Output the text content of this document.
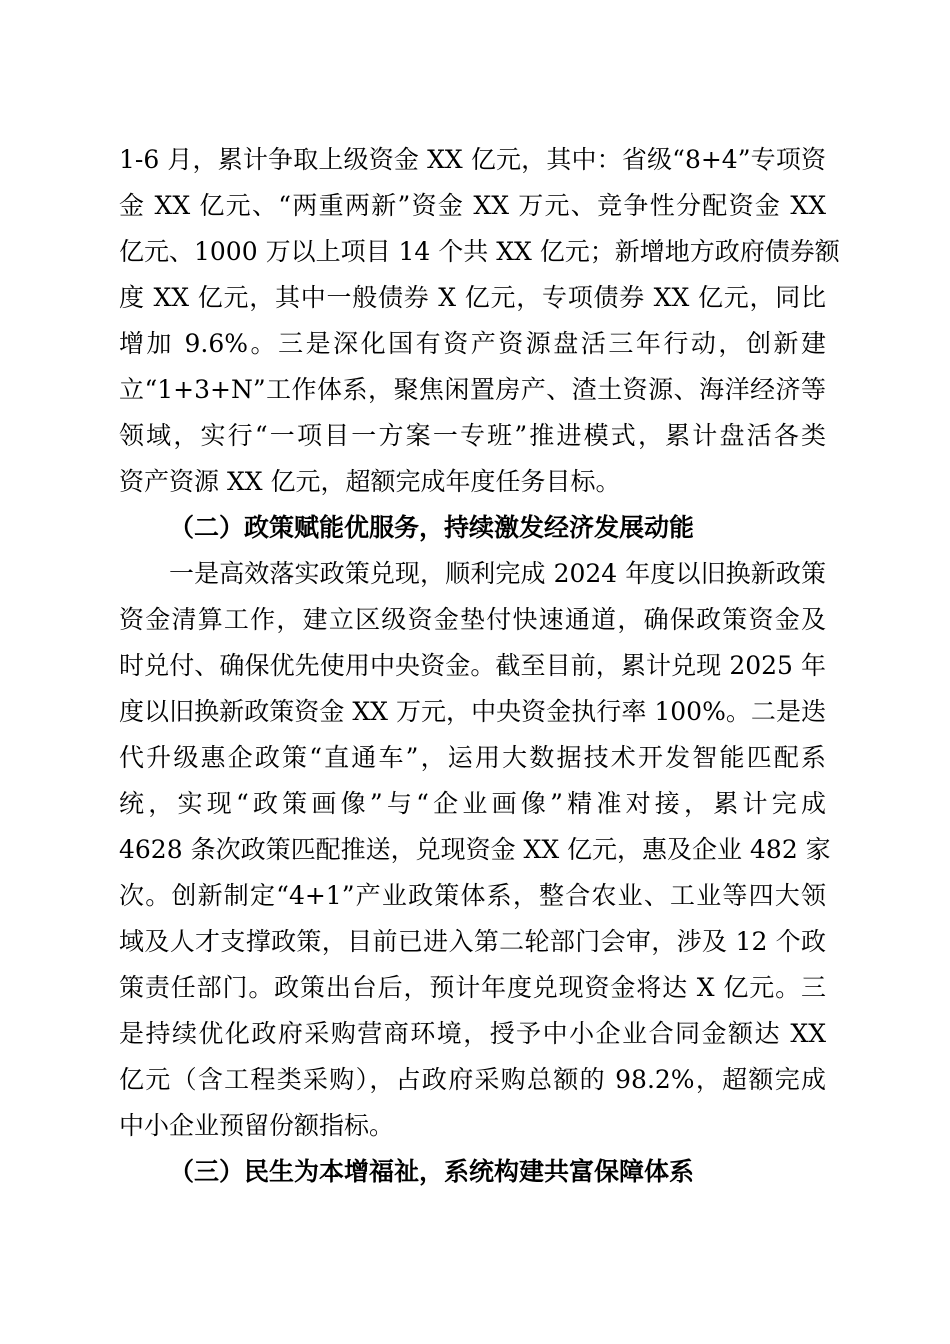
1-6 月，累计争取上级资金 XX 亿元，其中：省级“8+4”专项资
金 XX 亿元、“两重两新”资金 XX 万元、竞争性分配资金 XX
亿元、1000 万以上项目 14 个共 XX 亿元；新增地方政府债券额
度 XX 亿元，其中一般债券 X 亿元，专项债券 XX 亿元，同比
增加 9.6%。三是深化国有资产资源盘活三年行动，创新建
立“1+3+N”工作体系，聚焦闲置房产、渣土资源、海洋经济等
领域，实行“一项目一方案一专班”推进模式，累计盘活各类
资产资源 XX 亿元，超额完成年度任务目标。
（二）政策赋能优服务，持续激发经济发展动能
一是高效落实政策兑现，顺利完成 2024 年度以旧换新政策
资金清算工作，建立区级资金垫付快速通道，确保政策资金及
时兑付、确保优先使用中央资金。截至目前，累计兑现 2025 年
度以旧换新政策资金 XX 万元，中央资金执行率 100%。二是迭
代升级惠企政策“直通车”，运用大数据技术开发智能匹配系
统，实现“政策画像”与“企业画像”精准对接，累计完成
4628 条次政策匹配推送，兑现资金 XX 亿元，惠及企业 482 家
次。创新制定“4+1”产业政策体系，整合农业、工业等四大领
域及人才支撑政策，目前已进入第二轮部门会审，涉及 12 个政
策责任部门。政策出台后，预计年度兑现资金将达 X 亿元。三
是持续优化政府采购营商环境，授予中小企业合同金额达 XX
亿元（含工程类采购），占政府采购总额的 98.2%，超额完成
中小企业预留份额指标。
（三）民生为本增福祉，系统构建共富保障体系
